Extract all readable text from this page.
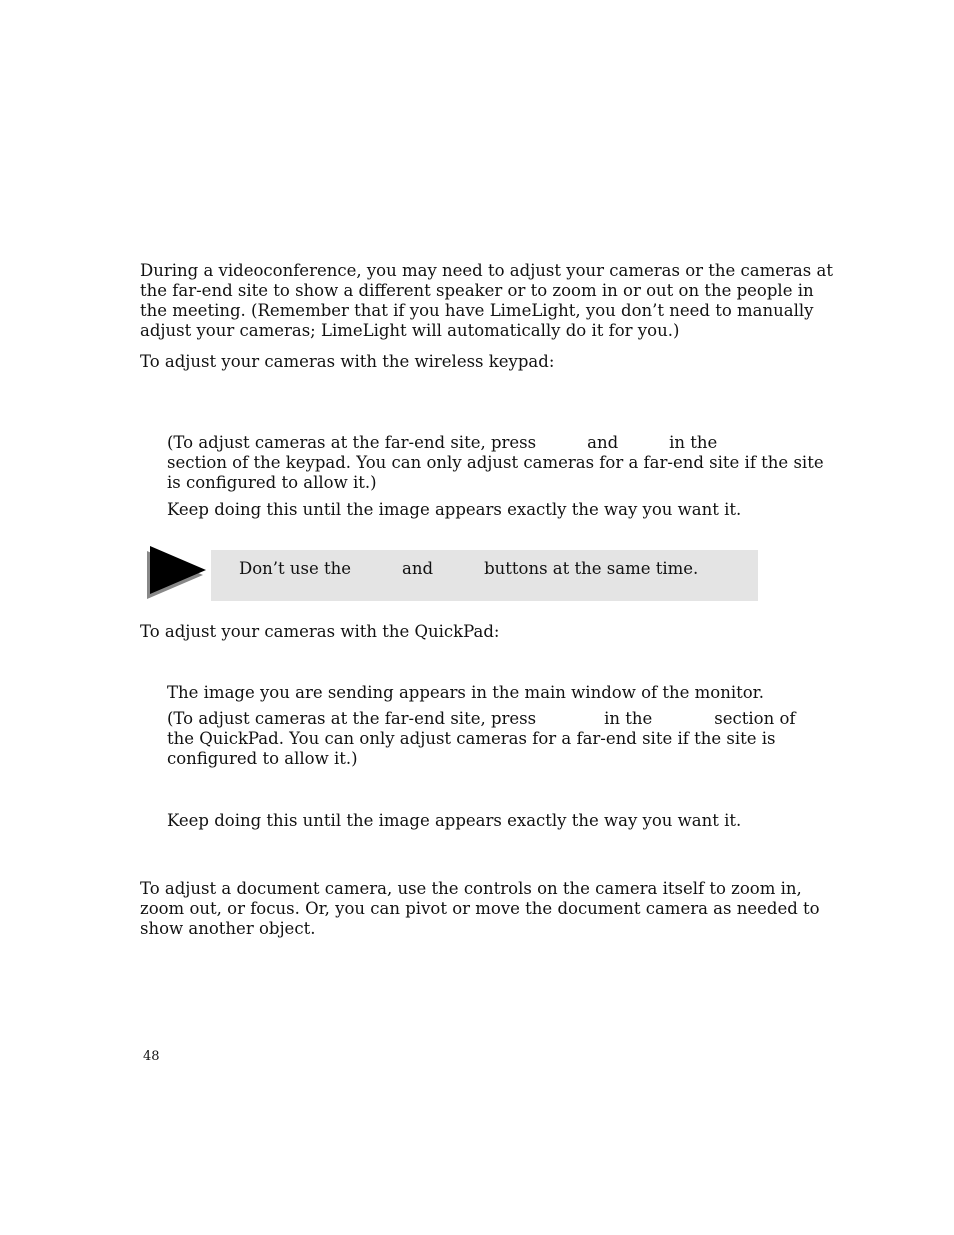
During a videoconference, you may need to adjust your cameras or the cameras at
the far-end site to show a different speaker or to zoom in or out on the people in
the meeting. (Remember that if you have LimeLight, you don’t need to manually
adjust your cameras; LimeLight will automatically do it for you.)

To adjust your cameras with the wireless keypad:

(To adjust cameras at the far-end site, press	and	in the
section of the keypad. You can only adjust cameras for a far-end site if the site
is configured to allow it.)

Keep doing this until the image appears exactly the way you want it.

Don’t use the	and	buttons at the same time.

To adjust your cameras with the QuickPad:

The image you are sending appears in the main window of the monitor.

(To adjust cameras at the far-end site, press	in the	section of
the QuickPad. You can only adjust cameras for a far-end site if the site is
configured to allow it.)

Keep doing this until the image appears exactly the way you want it.

To adjust a document camera, use the controls on the camera itself to zoom in,
zoom out, or focus. Or, you can pivot or move the document camera as needed to
show another object.
48
